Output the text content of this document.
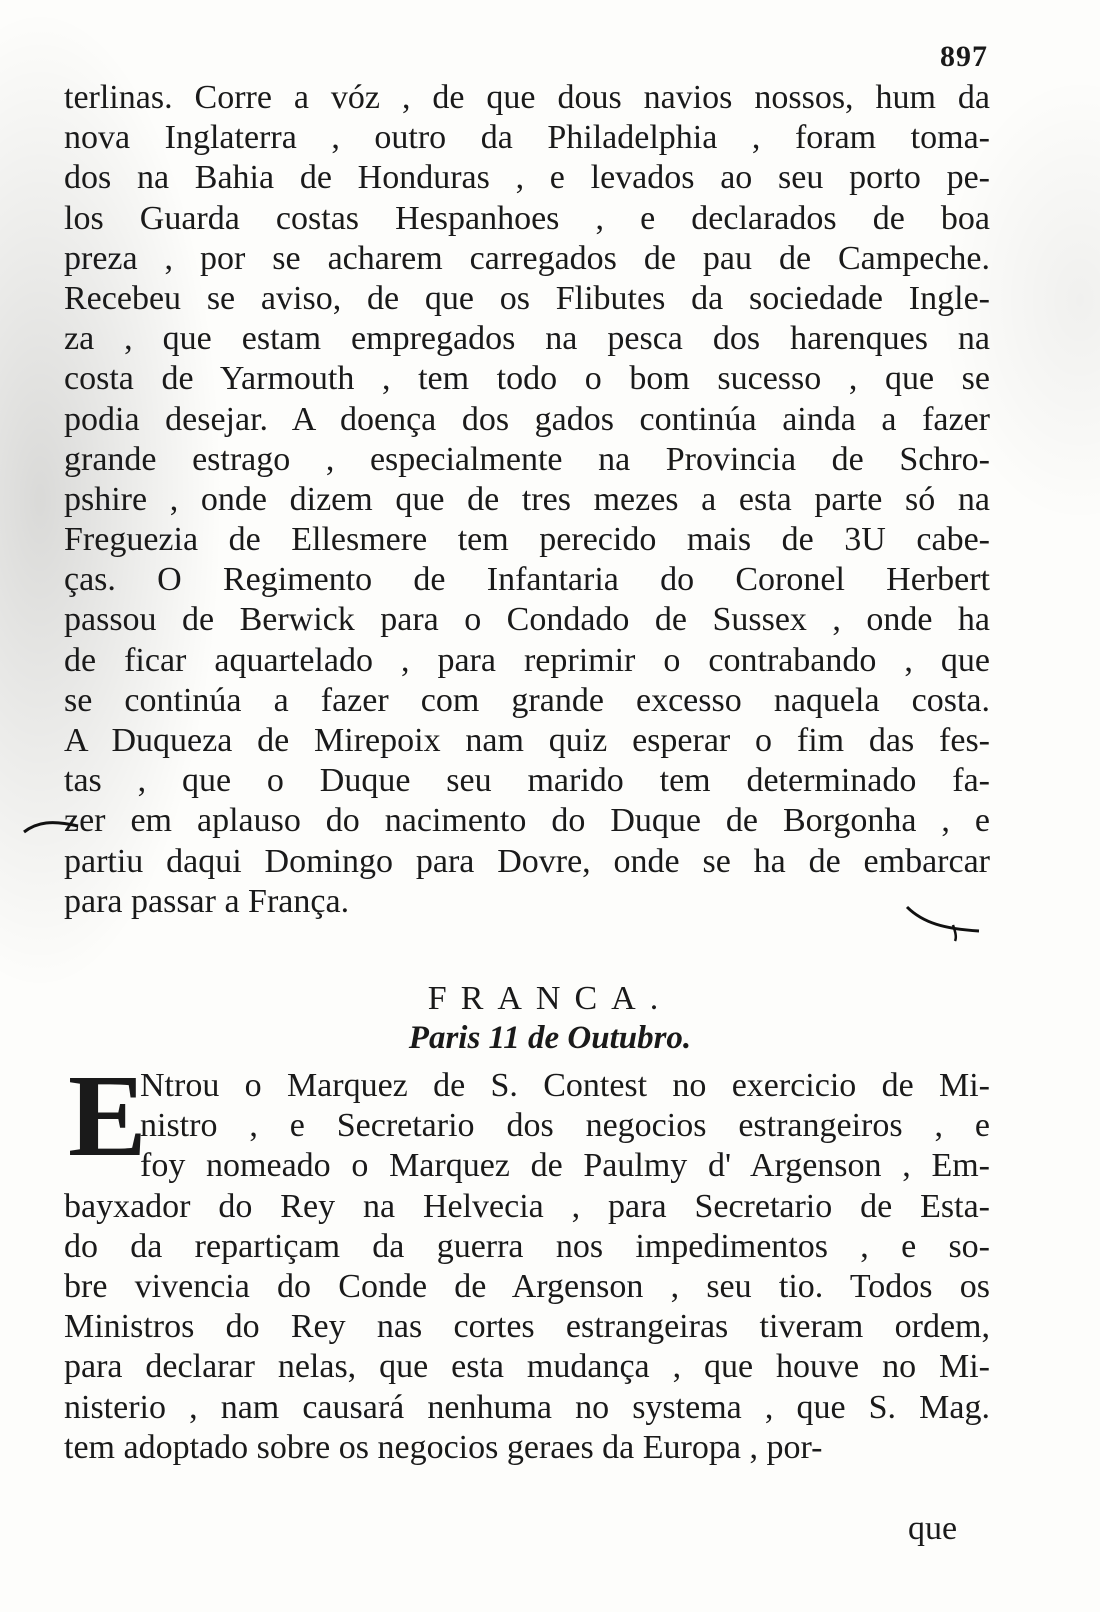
897
terlinas. Corre a vóz , de que dous navios nossos, hum da
nova Inglaterra , outro da Philadelphia , foram toma-
dos na Bahia de Honduras , e levados ao seu porto pe-
los Guarda costas Hespanhoes , e declarados de boa
preza , por se acharem carregados de pau de Campeche.
Recebeu se aviso, de que os Flibutes da sociedade Ingle-
za , que estam empregados na pesca dos harenques na
costa de Yarmouth , tem todo o bom sucesso , que se
podia desejar. A doença dos gados continúa ainda a fazer
grande estrago , especialmente na Provincia de Schro-
pshire , onde dizem que de tres mezes a esta parte só na
Freguezia de Ellesmere tem perecido mais de 3U cabe-
ças. O Regimento de Infantaria do Coronel Herbert
passou de Berwick para o Condado de Sussex , onde ha
de ficar aquartelado , para reprimir o contrabando , que
se continúa a fazer com grande excesso naquela costa.
A Duqueza de Mirepoix nam quiz esperar o fim das fes-
tas , que o Duque seu marido tem determinado fa-
zer em aplauso do nacimento do Duque de Borgonha , e
partiu daqui Domingo para Dovre, onde se ha de embarcar
para passar a França.
FRANCA.
Paris 11 de Outubro.
E
Ntrou o Marquez de S. Contest no exercicio de Mi-
nistro , e Secretario dos negocios estrangeiros , e
foy nomeado o Marquez de Paulmy d' Argenson , Em-
bayxador do Rey na Helvecia , para Secretario de Esta-
do da repartiçam da guerra nos impedimentos , e so-
bre vivencia do Conde de Argenson , seu tio. Todos os
Ministros do Rey nas cortes estrangeiras tiveram ordem,
para declarar nelas, que esta mudança , que houve no Mi-
nisterio , nam causará nenhuma no systema , que S. Mag.
tem adoptado sobre os negocios geraes da Europa , por-
que
